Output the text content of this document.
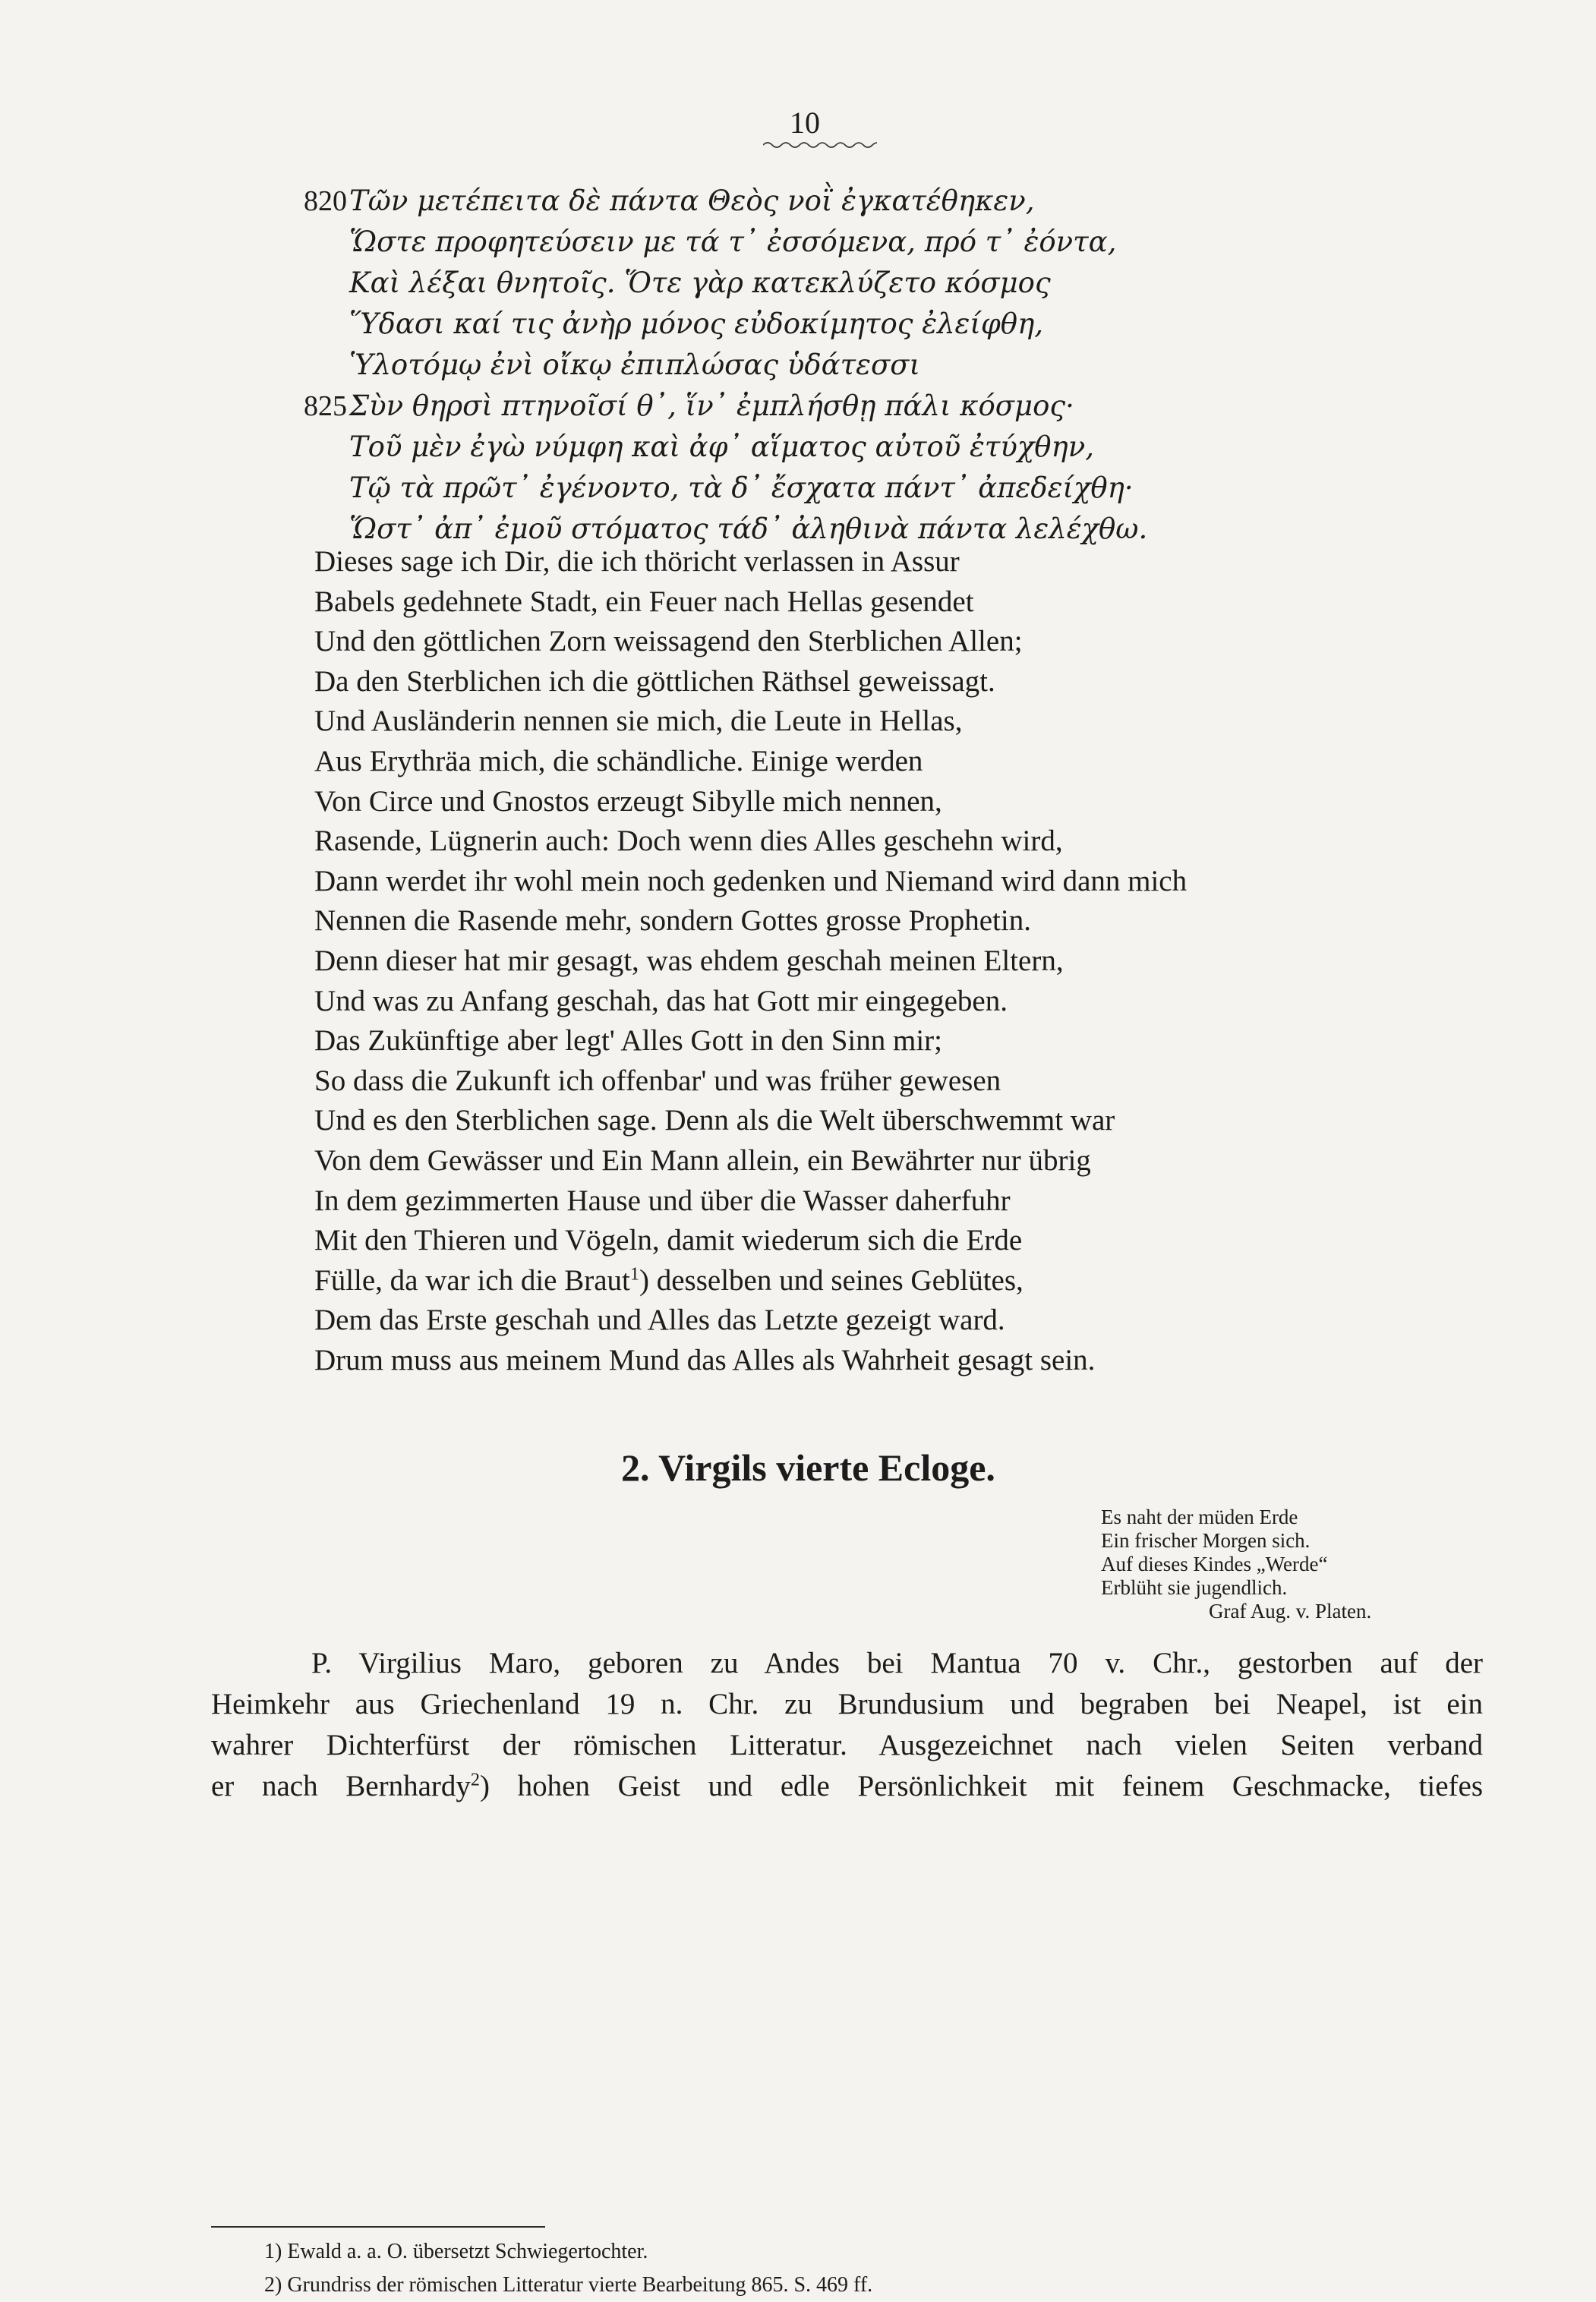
10
820 Τῶν μετέπειτα δὲ πάντα Θεὸς νοῒ ἐγκατέθηκεν,
Ὥστε προφητεύσειν με τά τ᾽ ἐσσόμενα, πρό τ᾽ ἐόντα,
Καὶ λέξαι θνητοῖς. Ὅτε γὰρ κατεκλύζετο κόσμος
Ὕδασι καί τις ἀνὴρ μόνος εὐδοκίμητος ἐλείφθη,
Ὑλοτόμῳ ἐνὶ οἴκῳ ἐπιπλώσας ὑδάτεσσι
825 Σὺν θηρσὶ πτηνοῖσί θ᾽, ἵν᾽ ἐμπλήσθῃ πάλι κόσμος·
Τοῦ μὲν ἐγὼ νύμφη καὶ ἀφ᾽ αἵματος αὐτοῦ ἐτύχθην,
Τῷ τὰ πρῶτ᾽ ἐγένοντο, τὰ δ᾽ ἔσχατα πάντ᾽ ἀπεδείχθη·
Ὥστ᾽ ἀπ᾽ ἐμοῦ στόματος τάδ᾽ ἀληθινὰ πάντα λελέχθω.
Dieses sage ich Dir, die ich thöricht verlassen in Assur
Babels gedehnete Stadt, ein Feuer nach Hellas gesendet
Und den göttlichen Zorn weissagend den Sterblichen Allen;
Da den Sterblichen ich die göttlichen Räthsel geweissagt.
Und Ausländerin nennen sie mich, die Leute in Hellas,
Aus Erythräa mich, die schändliche. Einige werden
Von Circe und Gnostos erzeugt Sibylle mich nennen,
Rasende, Lügnerin auch: Doch wenn dies Alles geschehn wird,
Dann werdet ihr wohl mein noch gedenken und Niemand wird dann mich
Nennen die Rasende mehr, sondern Gottes grosse Prophetin.
Denn dieser hat mir gesagt, was ehdem geschah meinen Eltern,
Und was zu Anfang geschah, das hat Gott mir eingegeben.
Das Zukünftige aber legt' Alles Gott in den Sinn mir;
So dass die Zukunft ich offenbar' und was früher gewesen
Und es den Sterblichen sage. Denn als die Welt überschwemmt war
Von dem Gewässer und Ein Mann allein, ein Bewährter nur übrig
In dem gezimmerten Hause und über die Wasser daherfuhr
Mit den Thieren und Vögeln, damit wiederum sich die Erde
Fülle, da war ich die Braut$^1$) desselben und seines Geblütes,
Dem das Erste geschah und Alles das Letzte gezeigt ward.
Drum muss aus meinem Mund das Alles als Wahrheit gesagt sein.
2. Virgils vierte Ecloge.
Es naht der müden Erde
Ein frischer Morgen sich.
Auf dieses Kindes „Werde“
Erblüht sie jugendlich.
Graf Aug. v. Platen.
P. Virgilius Maro, geboren zu Andes bei Mantua 70 v. Chr., gestorben auf der
Heimkehr aus Griechenland 19 n. Chr. zu Brundusium und begraben bei Neapel, ist ein
wahrer Dichterfürst der römischen Litteratur. Ausgezeichnet nach vielen Seiten verband
er nach Bernhardy$^2$) hohen Geist und edle Persönlichkeit mit feinem Geschmacke, tiefes
1) Ewald a. a. O. übersetzt Schwiegertochter.
2) Grundriss der römischen Litteratur vierte Bearbeitung 865. S. 469 ff.
